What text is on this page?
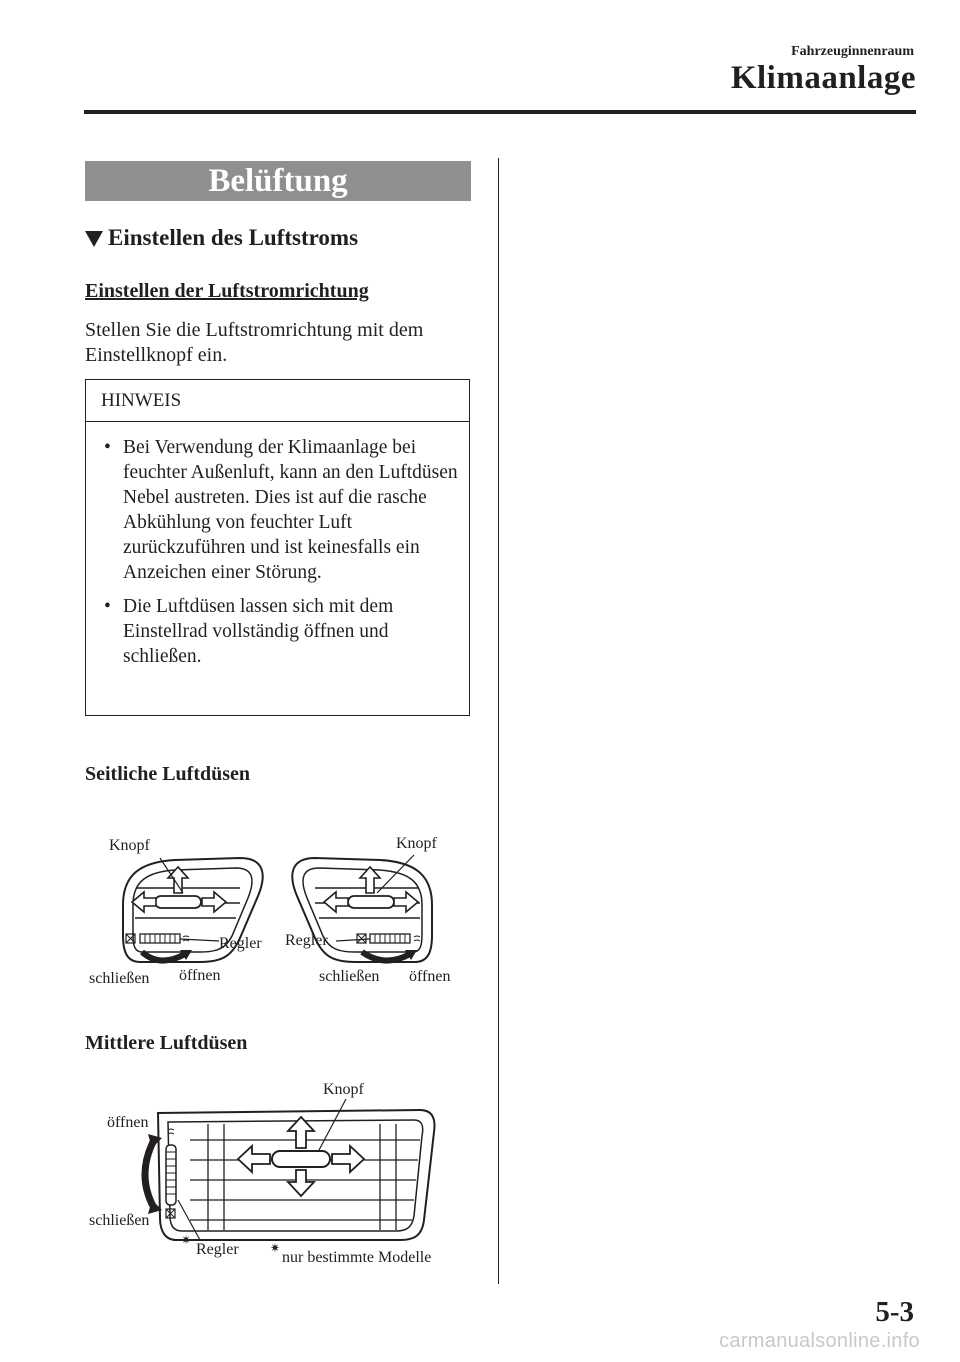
Fahrzeuginnenraum
Klimaanlage
Belüftung
Einstellen des Luftstroms
Einstellen der Luftstromrichtung
Stellen Sie die Luftstromrichtung mit dem Einstellknopf ein.
HINWEIS
• Bei Verwendung der Klimaanlage bei feuchter Außenluft, kann an den Luftdüsen Nebel austreten. Dies ist auf die rasche Abkühlung von feuchter Luft zurückzuführen und ist keinesfalls ein Anzeichen einer Störung.
• Die Luftdüsen lassen sich mit dem Einstellrad vollständig öffnen und schließen.
Seitliche Luftdüsen
Knopf
Regler
schließen öffnen
Knopf
Regler
schließen öffnen
Mittlere Luftdüsen
Knopf
öffnen
schließen
✷
Regler	✷
nur bestimmte Modelle
5-3
carmanualsonline.info
